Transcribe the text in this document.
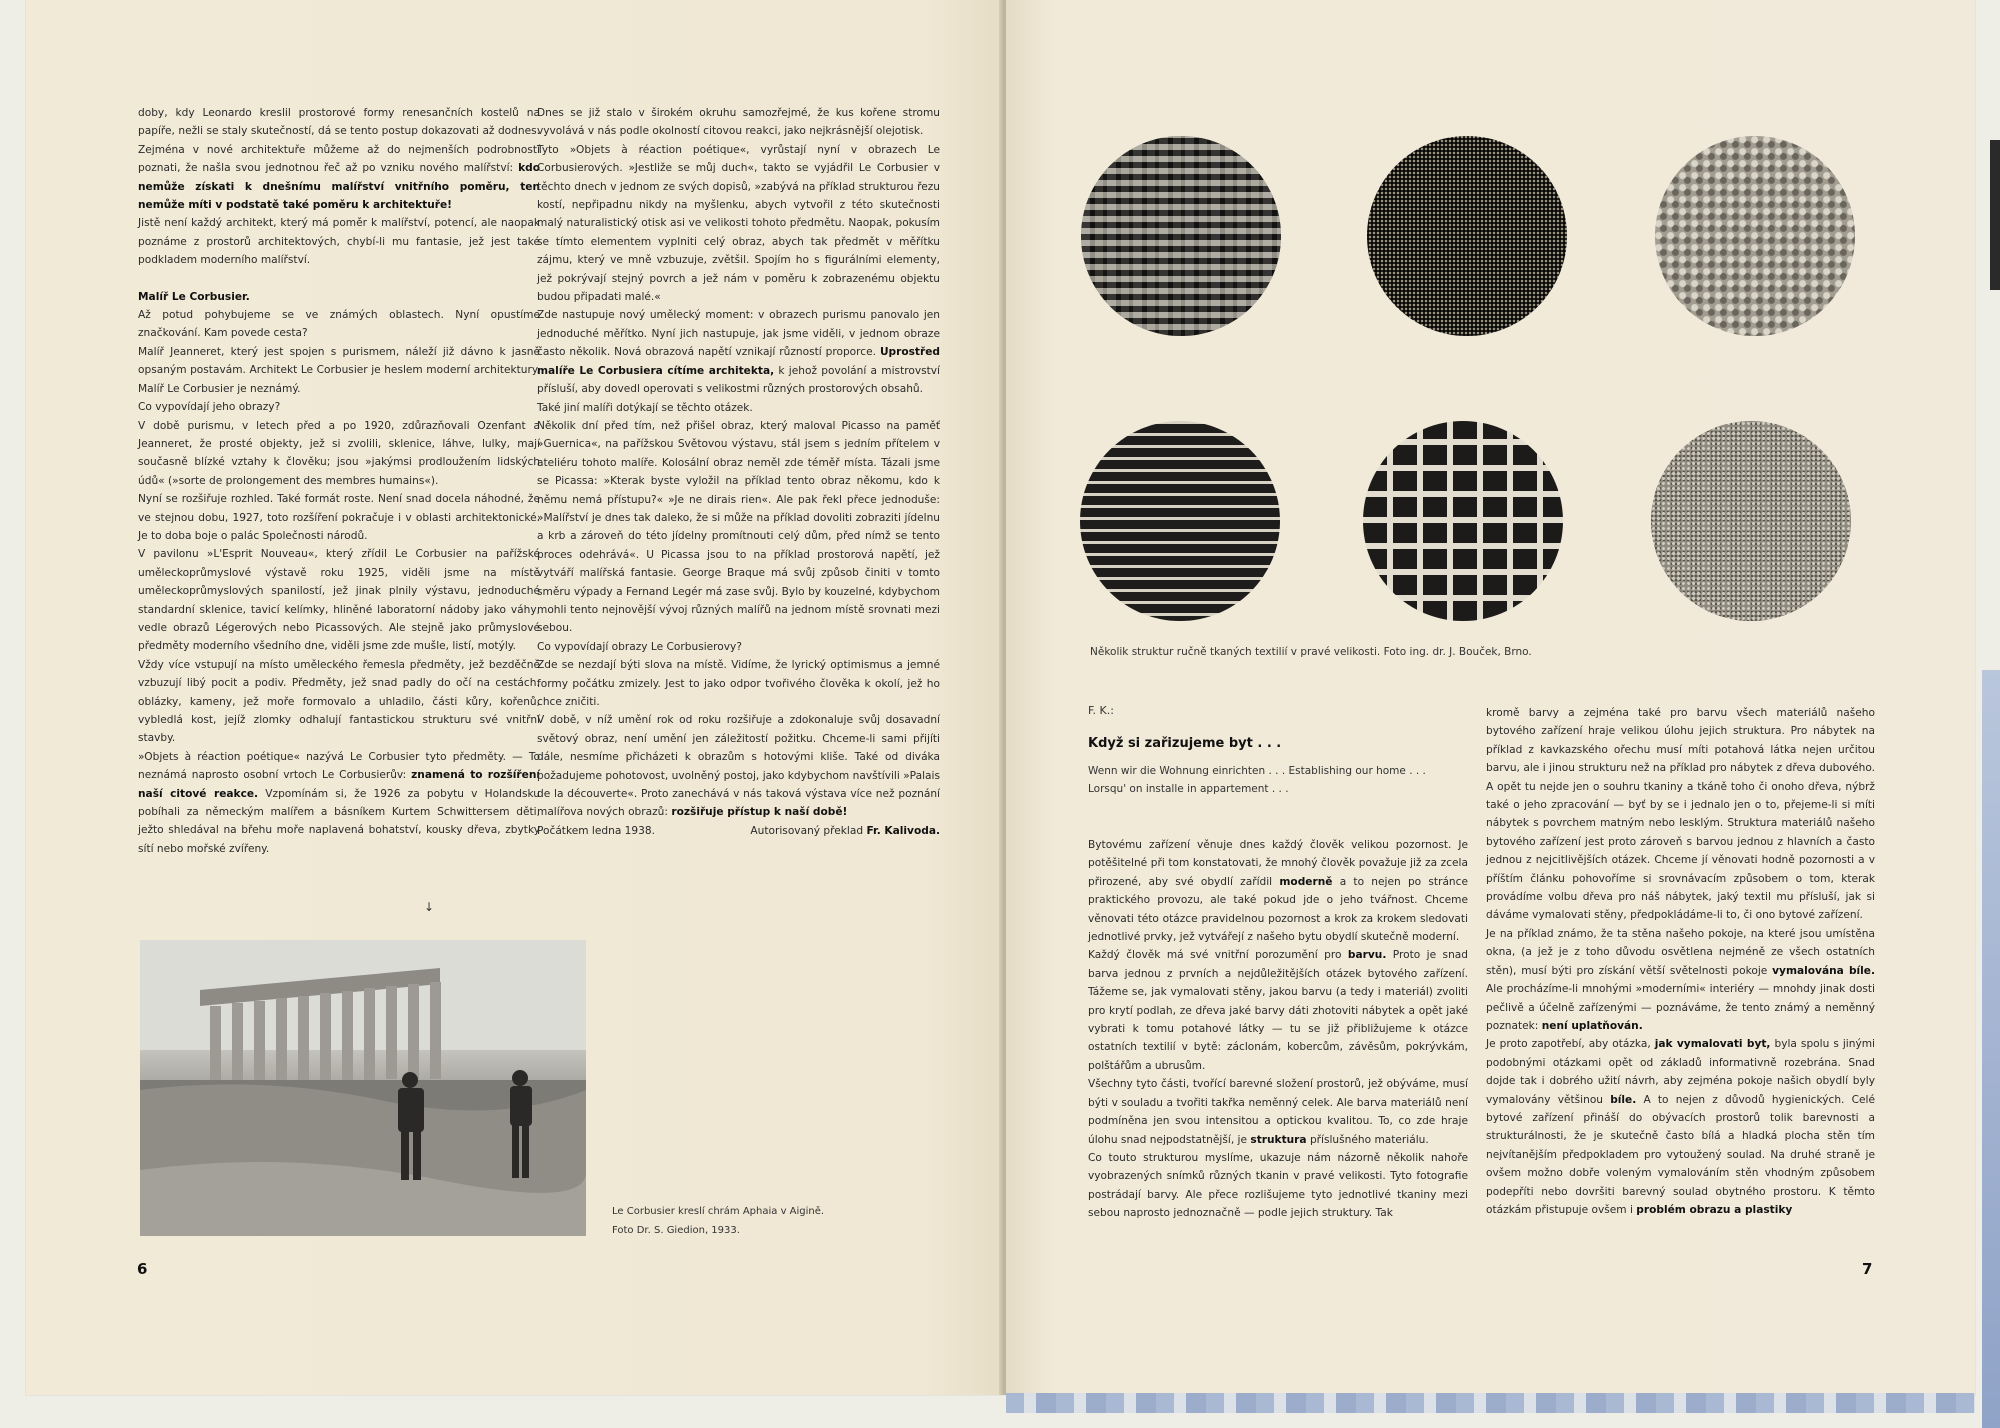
doby, kdy Leonardo kreslil prostorové formy renesančních kostelů na papíře, nežli se staly skutečností, dá se tento postup dokazovati až dodnes. Zejména v nové architektuře můžeme až do nejmenších podrobností poznati, že našla svou jednotnou řeč až po vzniku nového malířství: kdo nemůže získati k dnešnímu malířství vnitřního poměru, ten nemůže míti v podstatě také poměru k architektuře!

Jistě není každý architekt, který má poměr k malířství, potencí, ale naopak poznáme z prostorů architektových, chybí-li mu fantasie, jež jest také podkladem moderního malířství.

Malíř Le Corbusier.

Až potud pohybujeme se ve známých oblastech. Nyní opustíme značkování. Kam povede cesta?

Malíř Jeanneret, který jest spojen s purismem, náleží již dávno k jasně opsaným postavám. Architekt Le Corbusier je heslem moderní architektury. Malíř Le Corbusier je neznámý.

Co vypovídají jeho obrazy?

V době purismu, v letech před a po 1920, zdůrazňovali Ozenfant a Jeanneret, že prosté objekty, jež si zvolili, sklenice, láhve, lulky, mají současně blízké vztahy k člověku; jsou »jakýmsi prodloužením lidských údů« (»sorte de prolongement des membres humains«).

Nyní se rozšiřuje rozhled. Také formát roste. Není snad docela náhodné, že ve stejnou dobu, 1927, toto rozšíření pokračuje i v oblasti architektonické. Je to doba boje o palác Společnosti národů.

V pavilonu »L'Esprit Nouveau«, který zřídil Le Corbusier na pařížské uměleckoprůmyslové výstavě roku 1925, viděli jsme na místě uměleckoprůmyslových spanilostí, jež jinak plnily výstavu, jednoduché standardní sklenice, tavicí kelímky, hliněné laboratorní nádoby jako váhy, vedle obrazů Légerových nebo Picassových. Ale stejně jako průmyslové předměty moderního všedního dne, viděli jsme zde mušle, listí, motýly.

Vždy více vstupují na místo uměleckého řemesla předměty, jež bezděčně vzbuzují libý pocit a podiv. Předměty, jež snad padly do očí na cestách: oblázky, kameny, jež moře formovalo a uhladilo, části kůry, kořenů, vybledlá kost, jejíž zlomky odhalují fantastickou strukturu své vnitřní stavby.

»Objets à réaction poétique« nazývá Le Corbusier tyto předměty. — To neznámá naprosto osobní vrtoch Le Corbusierův: znamená to rozšíření naší citové reakce. Vzpomínám si, že 1926 za pobytu v Holandsku pobíhali za německým malířem a básníkem Kurtem Schwittersem děti, ježto shledával na břehu moře naplavená bohatství, kousky dřeva, zbytky sítí nebo mořské zvířeny.

Dnes se již stalo v širokém okruhu samozřejmé, že kus kořene stromu vyvolává v nás podle okolností citovou reakci, jako nejkrásnější olejotisk.

Tyto »Objets à réaction poétique«, vyrůstají nyní v obrazech Le Corbusierových. »Jestliže se můj duch«, takto se vyjádřil Le Corbusier v těchto dnech v jednom ze svých dopisů, »zabývá na příklad strukturou řezu kostí, nepřipadnu nikdy na myšlenku, abych vytvořil z této skutečnosti malý naturalistický otisk asi ve velikosti tohoto předmětu. Naopak, pokusím se tímto elementem vyplniti celý obraz, abych tak předmět v měřítku zájmu, který ve mně vzbuzuje, zvětšil. Spojím ho s figurálními elementy, jež pokrývají stejný povrch a jež nám v poměru k zobrazenému objektu budou připadati malé.«

Zde nastupuje nový umělecký moment: v obrazech purismu panovalo jen jednoduché měřítko. Nyní jich nastupuje, jak jsme viděli, v jednom obraze často několik. Nová obrazová napětí vznikají růzností proporce. Uprostřed malíře Le Corbusiera cítíme architekta, k jehož povolání a mistrovství přísluší, aby dovedl operovati s velikostmi různých prostorových obsahů.

Také jiní malíři dotýkají se těchto otázek.

Několik dní před tím, než přišel obraz, který maloval Picasso na paměť »Guernica«, na pařížskou Světovou výstavu, stál jsem s jedním přítelem v ateliéru tohoto malíře. Kolosální obraz neměl zde téměř místa. Tázali jsme se Picassa: »Kterak byste vyložil na příklad tento obraz někomu, kdo k němu nemá přístupu?« »Je ne dirais rien«. Ale pak řekl přece jednoduše: »Malířství je dnes tak daleko, že si může na příklad dovoliti zobraziti jídelnu a krb a zároveň do této jídelny promítnouti celý dům, před nímž se tento proces odehrává«. U Picassa jsou to na příklad prostorová napětí, jež vytváří malířská fantasie. George Braque má svůj způsob činiti v tomto směru výpady a Fernand Legér má zase svůj. Bylo by kouzelné, kdybychom mohli tento nejnovější vývoj různých malířů na jednom místě srovnati mezi sebou.

Co vypovídají obrazy Le Corbusierovy?

Zde se nezdají býti slova na místě. Vidíme, že lyrický optimismus a jemné formy počátku zmizely. Jest to jako odpor tvořivého člověka k okolí, jež ho chce zničiti.

V době, v níž umění rok od roku rozšiřuje a zdokonaluje svůj dosavadní světový obraz, není umění jen záležitostí požitku. Chceme-li sami přijíti dále, nesmíme přicházeti k obrazům s hotovými kliše. Také od diváka požadujeme pohotovost, uvolněný postoj, jako kdybychom navštívili »Palais de la découverte«. Proto zanechává v nás taková výstava více než poznání malířova nových obrazů: rozšiřuje přístup k naší době!

Počátkem ledna 1938.	Autorisovaný překlad Fr. Kalivoda.

↓
Le Corbusier kreslí chrám Aphaia v Aigině.
Foto Dr. S. Giedion, 1933.
6
Několik struktur ručně tkaných textilií v pravé velikosti. Foto ing. dr. J. Bouček, Brno.
F. K.:
Když si zařizujeme byt . . .
Wenn wir die Wohnung einrichten . . . Establishing our home . . .
Lorsqu' on installe in appartement . . .

Bytovému zařízení věnuje dnes každý člověk velikou pozornost. Je potěšitelné při tom konstatovati, že mnohý člověk považuje již za zcela přirozené, aby své obydlí zařídil moderně a to nejen po stránce praktického provozu, ale také pokud jde o jeho tvářnost. Chceme věnovati této otázce pravidelnou pozornost a krok za krokem sledovati jednotlivé prvky, jež vytvářejí z našeho bytu obydlí skutečně moderní.

Každý člověk má své vnitřní porozumění pro barvu. Proto je snad barva jednou z prvních a nejdůležitějších otázek bytového zařízení. Tážeme se, jak vymalovati stěny, jakou barvu (a tedy i materiál) zvoliti pro krytí podlah, ze dřeva jaké barvy dáti zhotoviti nábytek a opět jaké vybrati k tomu potahové látky — tu se již přibližujeme k otázce ostatních textilií v bytě: záclonám, kobercům, závěsům, pokrývkám, polštářům a ubrusům.

Všechny tyto části, tvořící barevné složení prostorů, jež obýváme, musí býti v souladu a tvořiti takřka neměnný celek. Ale barva materiálů není podmíněna jen svou intensitou a optickou kvalitou. To, co zde hraje úlohu snad nejpodstatnější, je struktura příslušného materiálu.

Co touto strukturou myslíme, ukazuje nám názorně několik nahoře vyobrazených snímků různých tkanin v pravé velikosti. Tyto fotografie postrádají barvy. Ale přece rozlišujeme tyto jednotlivé tkaniny mezi sebou naprosto jednoznačně — podle jejich struktury. Tak

kromě barvy a zejména také pro barvu všech materiálů našeho bytového zařízení hraje velikou úlohu jejich struktura. Pro nábytek na příklad z kavkazského ořechu musí míti potahová látka nejen určitou barvu, ale i jinou strukturu než na příklad pro nábytek z dřeva dubového. A opět tu nejde jen o souhru tkaniny a tkáně toho či onoho dřeva, nýbrž také o jeho zpracování — byť by se i jednalo jen o to, přejeme-li si míti nábytek s povrchem matným nebo lesklým. Struktura materiálů našeho bytového zařízení jest proto zároveň s barvou jednou z hlavních a často jednou z nejcitlivějších otázek. Chceme jí věnovati hodně pozornosti a v příštím článku pohovoříme si srovnávacím způsobem o tom, kterak provádíme volbu dřeva pro náš nábytek, jaký textil mu přísluší, jak si dáváme vymalovati stěny, předpokládáme-li to, či ono bytové zařízení.

Je na příklad známo, že ta stěna našeho pokoje, na které jsou umístěna okna, (a jež je z toho důvodu osvětlena nejméně ze všech ostatních stěn), musí býti pro získání větší světelnosti pokoje vymalována bíle. Ale procházíme-li mnohými »moderními« interiéry — mnohdy jinak dosti pečlivě a účelně zařízenými — poznáváme, že tento známý a neměnný poznatek: není uplatňován.

Je proto zapotřebí, aby otázka, jak vymalovati byt, byla spolu s jinými podobnými otázkami opět od základů informativně rozebrána. Snad dojde tak i dobrého užití návrh, aby zejména pokoje našich obydlí byly vymalovány většinou bíle. A to nejen z důvodů hygienických. Celé bytové zařízení přináší do obývacích prostorů tolik barevnosti a strukturálnosti, že je skutečně často bílá a hladká plocha stěn tím nejvítanějším předpokladem pro vytoužený soulad. Na druhé straně je ovšem možno dobře voleným vymalováním stěn vhodným způsobem podepříti nebo dovršiti barevný soulad obytného prostoru. K těmto otázkám přistupuje ovšem i problém obrazu a plastiky

7
